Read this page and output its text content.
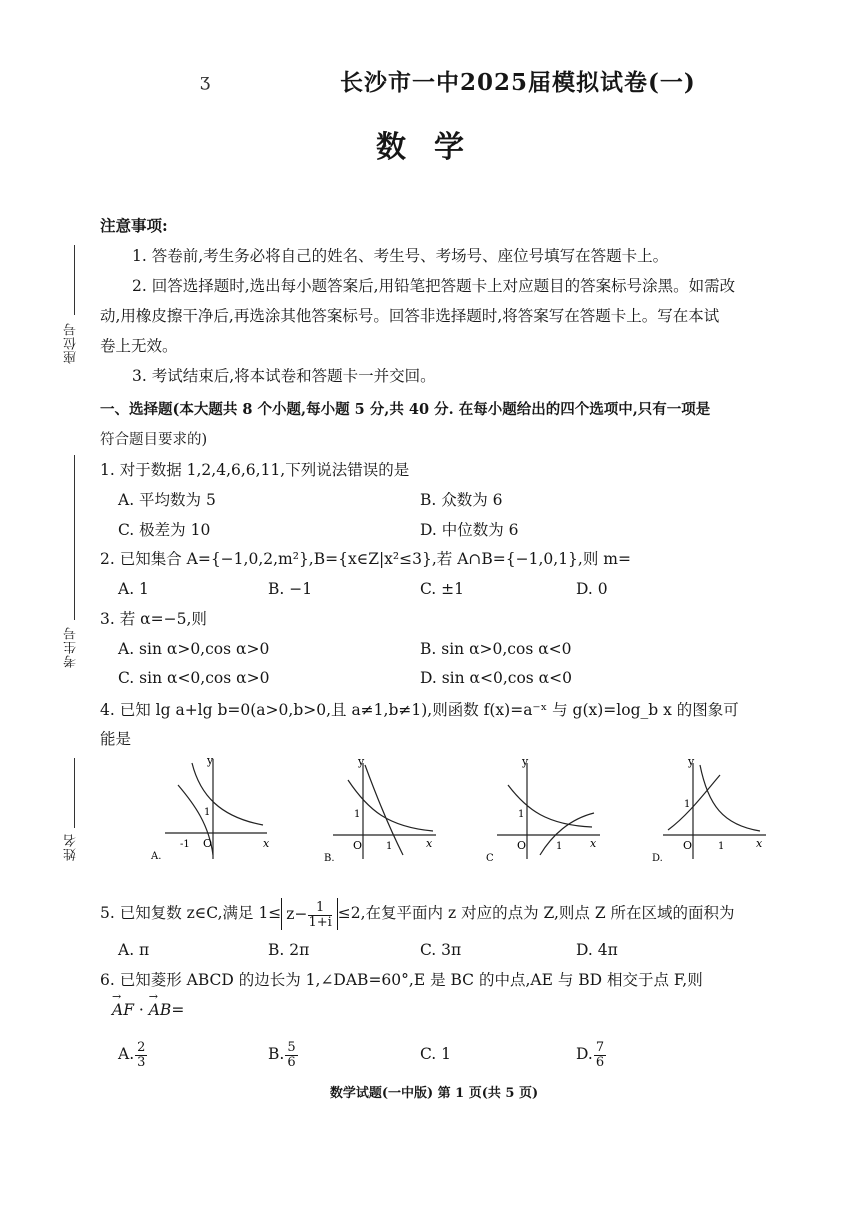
ʒ	长沙市一中2025届模拟试卷(一)
数学
座位号
考生号
姓名
注意事项:
1. 答卷前,考生务必将自己的姓名、考生号、考场号、座位号填写在答题卡上。
2. 回答选择题时,选出每小题答案后,用铅笔把答题卡上对应题目的答案标号涂黑。如需改
动,用橡皮擦干净后,再选涂其他答案标号。回答非选择题时,将答案写在答题卡上。写在本试
卷上无效。
3. 考试结束后,将本试卷和答题卡一并交回。
一、选择题(本大题共 8 个小题,每小题 5 分,共 40 分. 在每小题给出的四个选项中,只有一项是
符合题目要求的)
1. 对于数据 1,2,4,6,6,11,下列说法错误的是
A. 平均数为 5	B. 众数为 6
C. 极差为 10	D. 中位数为 6
2. 已知集合 A={−1,0,2,m²},B={x∈Z|x²≤3},若 A∩B={−1,0,1},则 m=
A. 1	B. −1	C. ±1	D. 0
3. 若 α=−5,则
A. sin α>0,cos α>0	B. sin α>0,cos α<0
C. sin α<0,cos α>0	D. sin α<0,cos α<0
4. 已知 lg a+lg b=0(a>0,b>0,且 a≠1,b≠1),则函数 f(x)=a⁻ˣ 与 g(x)=log_b x 的图象可
能是
y
x
O
1
-1
A.
y
x
O
1
1
B.
y
x
O
1
1
C
y
x
O
1
1
D.
5. 已知复数 z∈C,满足 $1\le z- \frac{1}{1+i} \le 2$,在复平面内 z 对应的点为 Z,则点 Z 所在区域的面积为
A. π	B. 2π	C. 3π	D. 4π
6. 已知菱形 ABCD 的边长为 1,∠DAB=60°,E 是 BC 的中点,AE 与 BD 相交于点 F,则
→ AF · → AB=
A. $\frac{2}{3}$	B. $\frac{5}{6}$	C. 1	D. $\frac{7}{6}$
数学试题(一中版) 第 1 页(共 5 页)
